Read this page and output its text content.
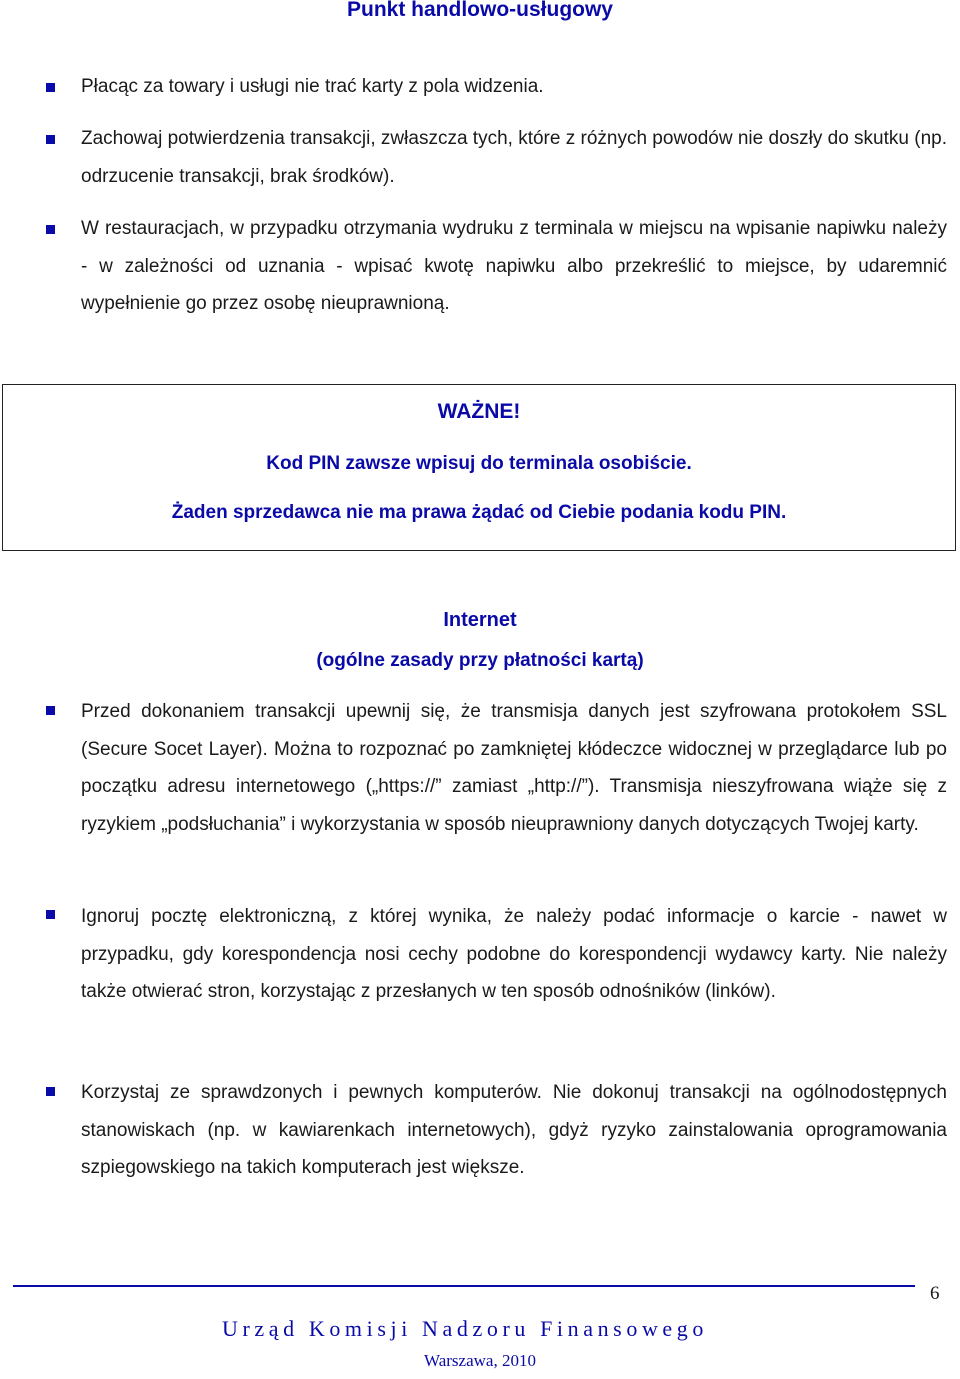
Punkt handlowo-usługowy

Płacąc za towary i usługi nie trać karty z pola widzenia.

Zachowaj potwierdzenia transakcji, zwłaszcza tych, które z różnych powodów nie doszły do skutku (np. odrzucenie transakcji, brak środków).

W restauracjach, w przypadku otrzymania wydruku z terminala w miejscu na wpisanie napiwku należy - w zależności od uznania - wpisać kwotę napiwku albo przekreślić to miejsce, by udaremnić wypełnienie go przez osobę nieuprawnioną.

WAŻNE!
Kod PIN zawsze wpisuj do terminala osobiście.
Żaden sprzedawca nie ma prawa żądać od Ciebie podania kodu PIN.
Internet
(ogólne zasady przy płatności kartą)

Przed dokonaniem transakcji upewnij się, że transmisja danych jest szyfrowana protokołem SSL (Secure Socet Layer). Można to rozpoznać po zamkniętej kłódeczce widocznej w przeglądarce lub po początku adresu internetowego („https://” zamiast „http://”). Transmisja nieszyfrowana wiąże się z ryzykiem „podsłuchania” i wykorzystania w sposób nieuprawniony danych dotyczących Twojej karty.

Ignoruj pocztę elektroniczną, z której wynika, że należy podać informacje o karcie - nawet w przypadku, gdy korespondencja nosi cechy podobne do korespondencji wydawcy karty. Nie należy także otwierać stron, korzystając z przesłanych w ten sposób odnośników (linków).

Korzystaj ze sprawdzonych i pewnych komputerów. Nie dokonuj transakcji na ogólnodostępnych stanowiskach (np. w kawiarenkach internetowych), gdyż ryzyko zainstalowania oprogramowania szpiegowskiego na takich komputerach jest większe.

6
Urząd Komisji Nadzoru Finansowego
Warszawa, 2010
